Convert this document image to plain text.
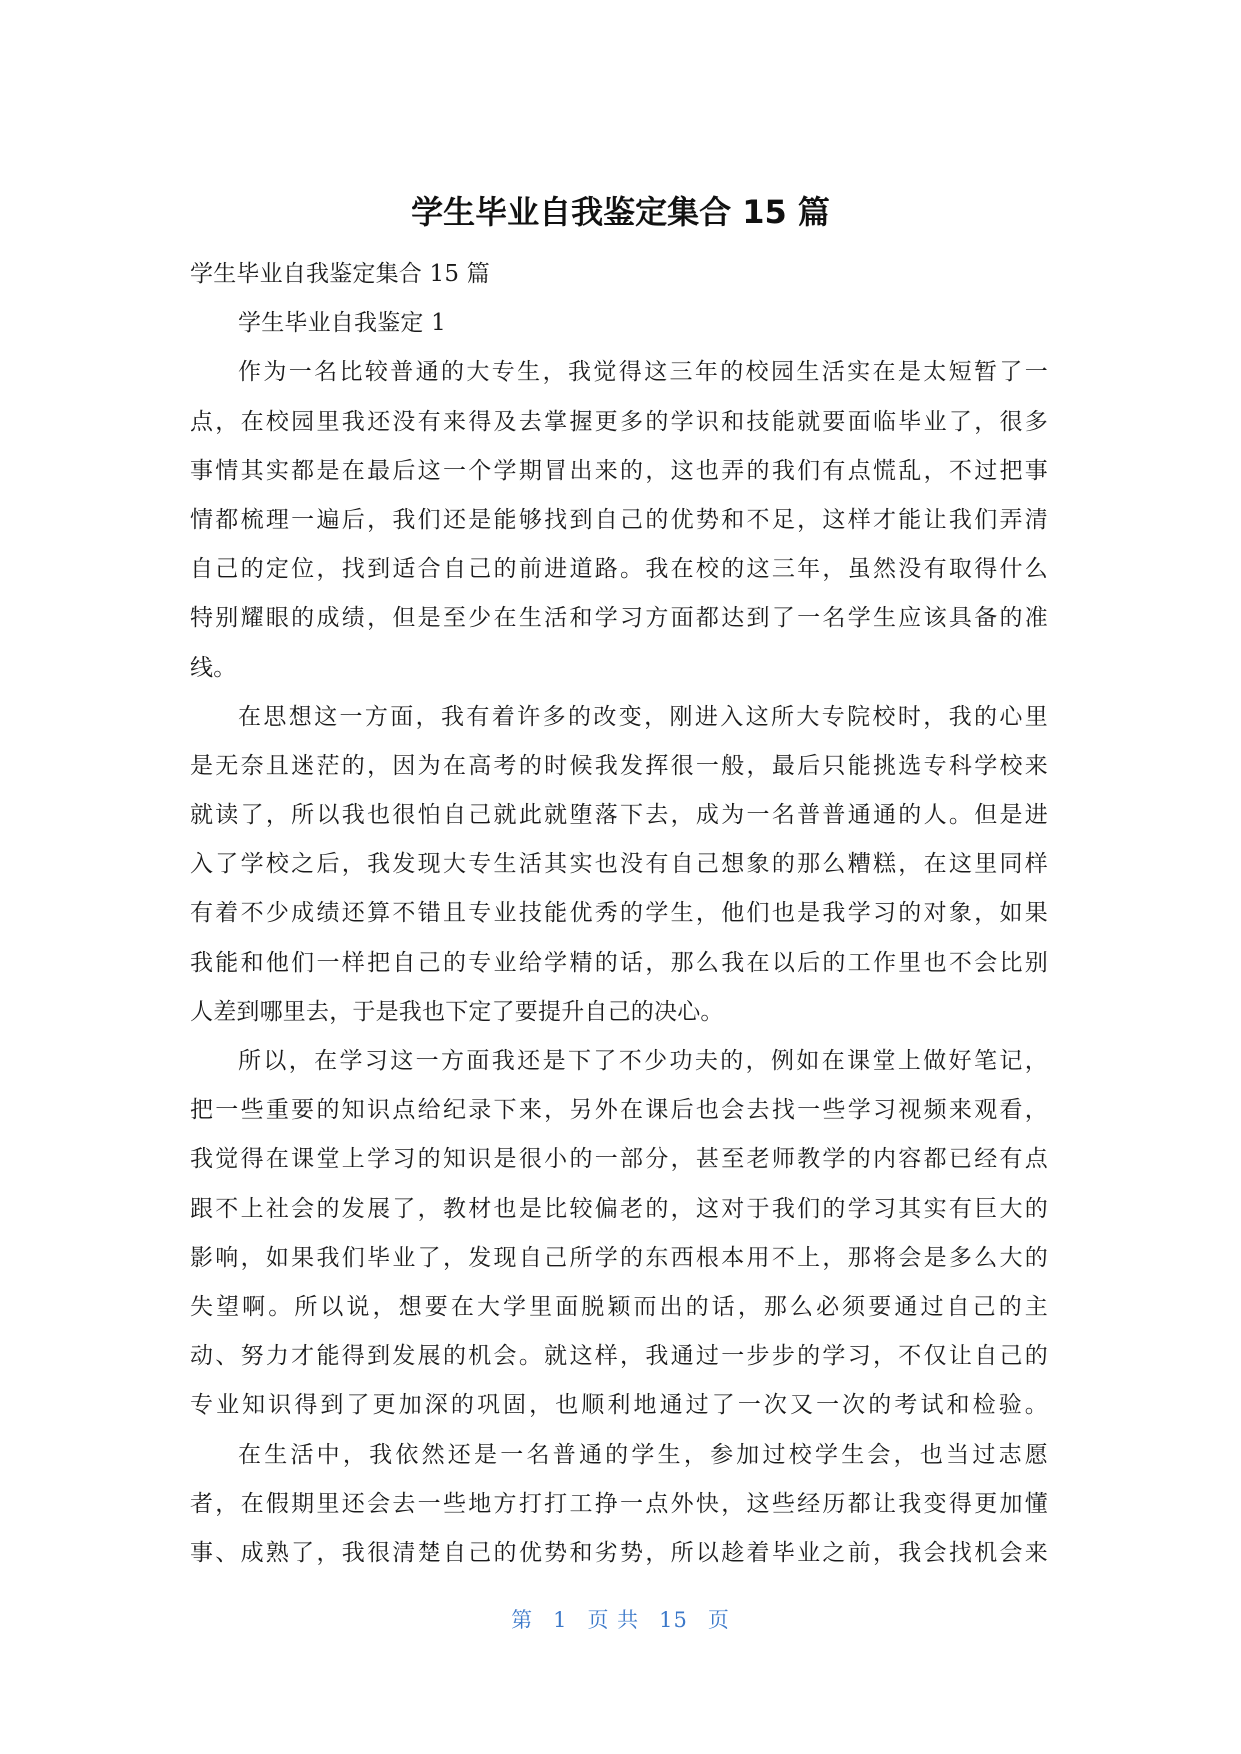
学生毕业自我鉴定集合 15 篇
学生毕业自我鉴定集合 15 篇
学生毕业自我鉴定 1
作为一名比较普通的大专生，我觉得这三年的校园生活实在是太短暂了一
点，在校园里我还没有来得及去掌握更多的学识和技能就要面临毕业了，很多
事情其实都是在最后这一个学期冒出来的，这也弄的我们有点慌乱，不过把事
情都梳理一遍后，我们还是能够找到自己的优势和不足，这样才能让我们弄清
自己的定位，找到适合自己的前进道路。我在校的这三年，虽然没有取得什么
特别耀眼的成绩，但是至少在生活和学习方面都达到了一名学生应该具备的准
线。
在思想这一方面，我有着许多的改变，刚进入这所大专院校时，我的心里
是无奈且迷茫的，因为在高考的时候我发挥很一般，最后只能挑选专科学校来
就读了，所以我也很怕自己就此就堕落下去，成为一名普普通通的人。但是进
入了学校之后，我发现大专生活其实也没有自己想象的那么糟糕，在这里同样
有着不少成绩还算不错且专业技能优秀的学生，他们也是我学习的对象，如果
我能和他们一样把自己的专业给学精的话，那么我在以后的工作里也不会比别
人差到哪里去，于是我也下定了要提升自己的决心。
所以，在学习这一方面我还是下了不少功夫的，例如在课堂上做好笔记，
把一些重要的知识点给纪录下来，另外在课后也会去找一些学习视频来观看，
我觉得在课堂上学习的知识是很小的一部分，甚至老师教学的内容都已经有点
跟不上社会的发展了，教材也是比较偏老的，这对于我们的学习其实有巨大的
影响，如果我们毕业了，发现自己所学的东西根本用不上，那将会是多么大的
失望啊。所以说，想要在大学里面脱颖而出的话，那么必须要通过自己的主
动、努力才能得到发展的机会。就这样，我通过一步步的学习，不仅让自己的
专业知识得到了更加深的巩固，也顺利地通过了一次又一次的考试和检验。
在生活中，我依然还是一名普通的学生，参加过校学生会，也当过志愿
者，在假期里还会去一些地方打打工挣一点外快，这些经历都让我变得更加懂
事、成熟了，我很清楚自己的优势和劣势，所以趁着毕业之前，我会找机会来
第 1 页 共 15 页
